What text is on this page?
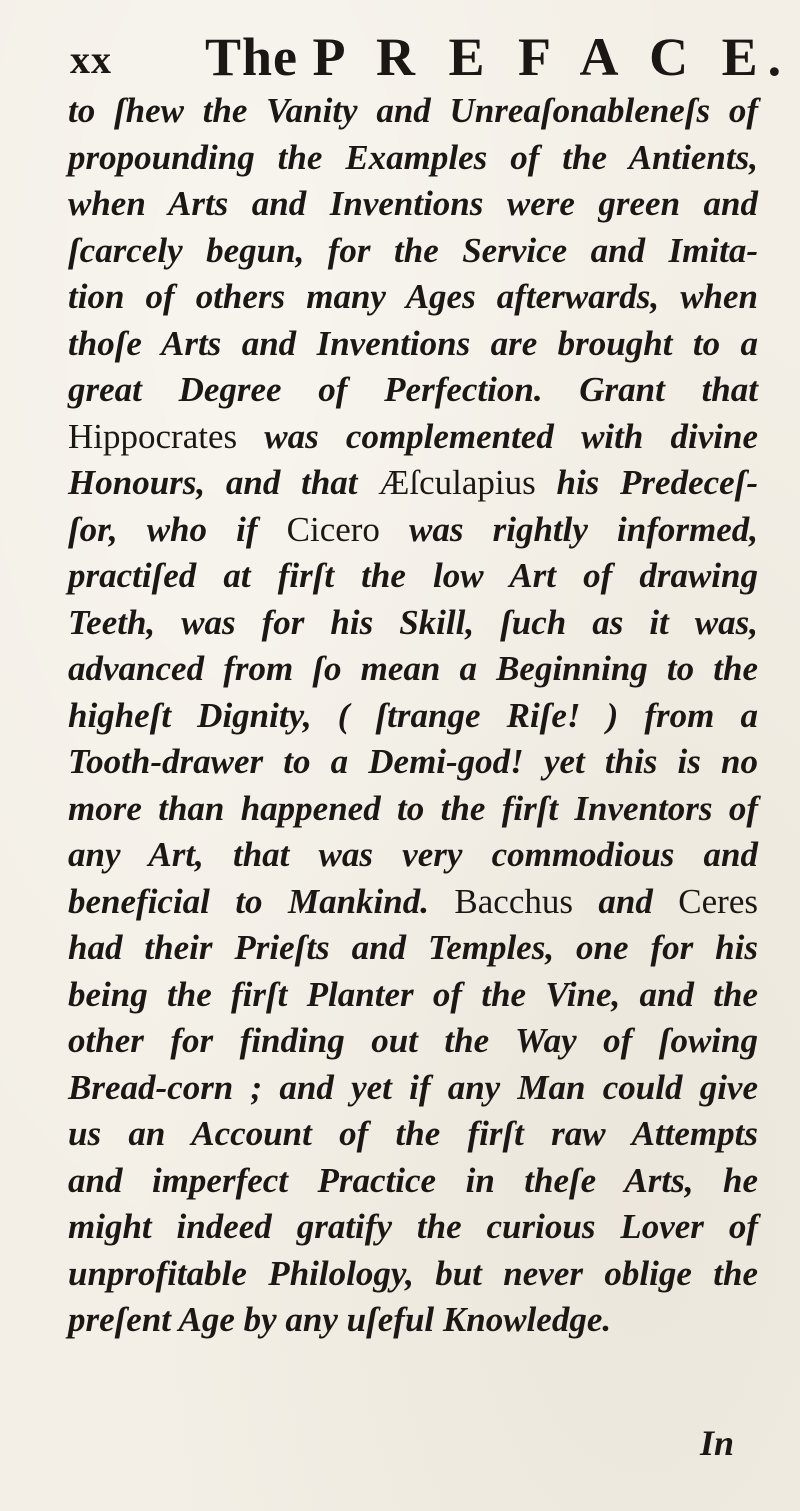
xx The P R E F A C E.
to ſhew the Vanity and Unreaſonableneſs of
propounding the Examples of the Antients,
when Arts and Inventions were green and
ſcarcely begun, for the Service and Imita-
tion of others many Ages afterwards, when
thoſe Arts and Inventions are brought to a
great Degree of Perfection. Grant that
Hippocrates was complemented with divine
Honours, and that Æſculapius his Predeceſ-
ſor, who if Cicero was rightly informed,
practiſed at firſt the low Art of drawing
Teeth, was for his Skill, ſuch as it was,
advanced from ſo mean a Beginning to the
higheſt Dignity, ( ſtrange Riſe! ) from a
Tooth-drawer to a Demi-god! yet this is no
more than happened to the firſt Inventors of
any Art, that was very commodious and
beneficial to Mankind. Bacchus and Ceres
had their Prieſts and Temples, one for his
being the firſt Planter of the Vine, and the
other for finding out the Way of ſowing
Bread-corn ; and yet if any Man could give
us an Account of the firſt raw Attempts
and imperfect Practice in theſe Arts, he
might indeed gratify the curious Lover of
unprofitable Philology, but never oblige the
preſent Age by any uſeful Knowledge.
In
